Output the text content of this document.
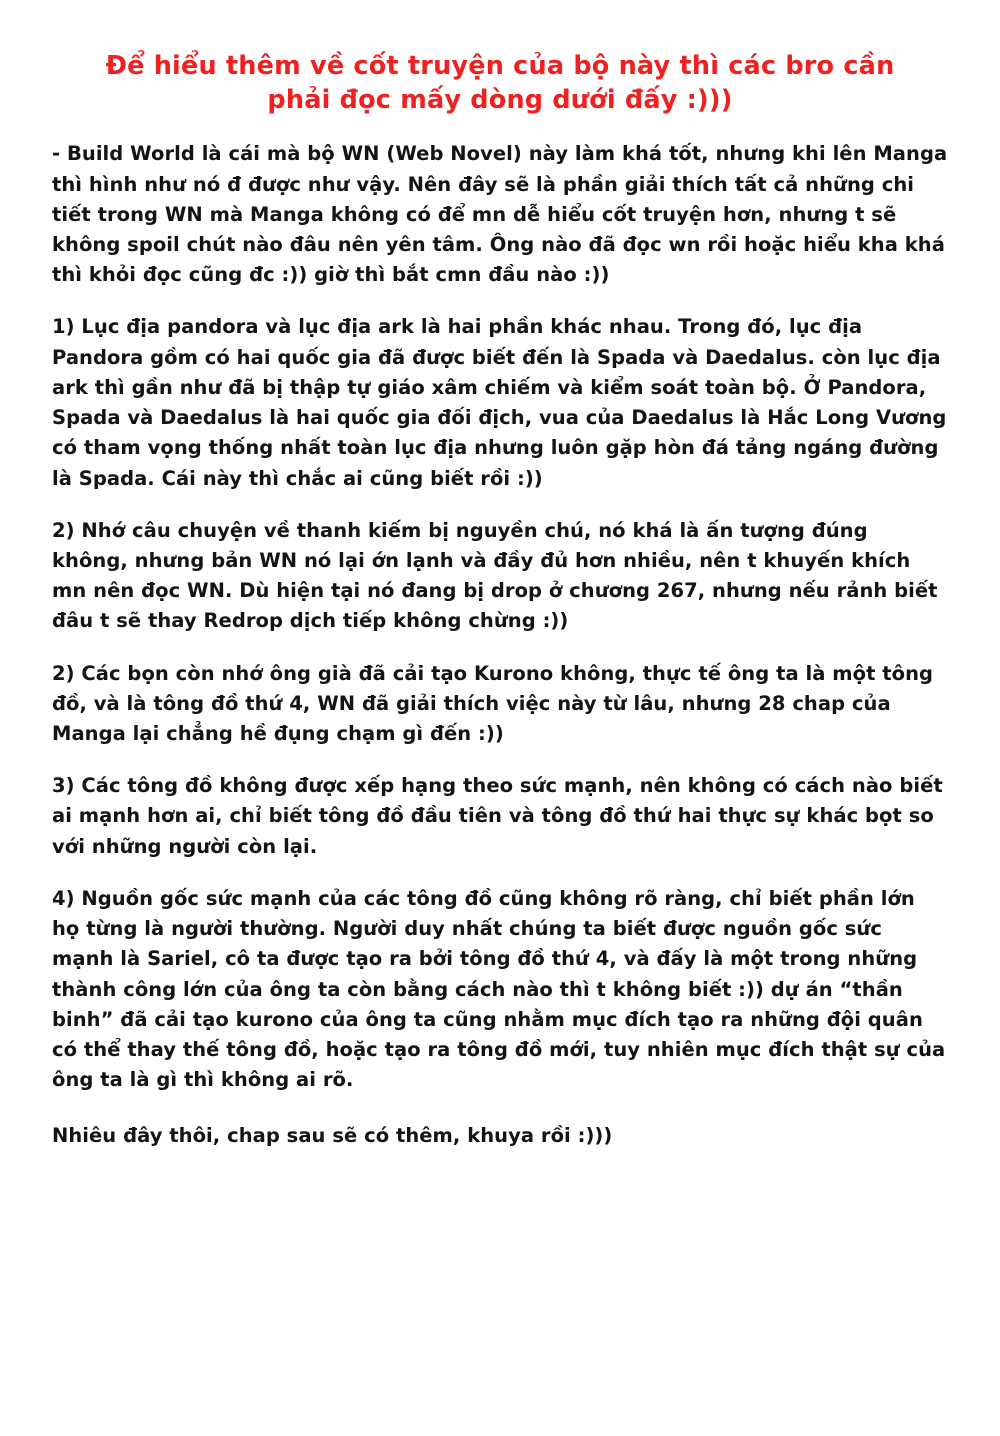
Để hiểu thêm về cốt truyện của bộ này thì các bro cần phải đọc mấy dòng dưới đấy :)))

- Build World là cái mà bộ WN (Web Novel) này làm khá tốt, nhưng khi lên Manga thì hình như nó đ được như vậy. Nên đây sẽ là phần giải thích tất cả những chi tiết trong WN mà Manga không có để mn dễ hiểu cốt truyện hơn, nhưng t sẽ không spoil chút nào đâu nên yên tâm. Ông nào đã đọc wn rồi hoặc hiểu kha khá thì khỏi đọc cũng đc :)) giờ thì bắt cmn đầu nào :))

1) Lục địa pandora và lục địa ark là hai phần khác nhau. Trong đó, lục địa Pandora gồm có hai quốc gia đã được biết đến là Spada và Daedalus. còn lục địa ark thì gần như đã bị thập tự giáo xâm chiếm và kiểm soát toàn bộ. Ở Pandora, Spada và Daedalus là hai quốc gia đối địch, vua của Daedalus là Hắc Long Vương có tham vọng thống nhất toàn lục địa nhưng luôn gặp hòn đá tảng ngáng đường là Spada. Cái này thì chắc ai cũng biết rồi :))

2) Nhớ câu chuyện về thanh kiếm bị nguyền chú, nó khá là ấn tượng đúng không, nhưng bản WN nó lại ớn lạnh và đầy đủ hơn nhiều, nên t khuyến khích mn nên đọc WN. Dù hiện tại nó đang bị drop ở chương 267, nhưng nếu rảnh biết đâu t sẽ thay Redrop dịch tiếp không chừng :))

2) Các bọn còn nhớ ông già đã cải tạo Kurono không, thực tế ông ta là một tông đồ, và là tông đồ thứ 4, WN đã giải thích việc này từ lâu, nhưng 28 chap của Manga lại chẳng hề đụng chạm gì đến :))

3) Các tông đồ không được xếp hạng theo sức mạnh, nên không có cách nào biết ai mạnh hơn ai, chỉ biết tông đồ đầu tiên và tông đồ thứ hai thực sự khác bọt so với những người còn lại.

4) Nguồn gốc sức mạnh của các tông đồ cũng không rõ ràng, chỉ biết phần lớn họ từng là người thường. Người duy nhất chúng ta biết được nguồn gốc sức mạnh là Sariel, cô ta được tạo ra bởi tông đồ thứ 4, và đấy là một trong những thành công lớn của ông ta còn bằng cách nào thì t không biết :)) dự án “thần binh” đã cải tạo kurono của ông ta cũng nhằm mục đích tạo ra những đội quân có thể thay thế tông đồ, hoặc tạo ra tông đồ mới, tuy nhiên mục đích thật sự của ông ta là gì thì không ai rõ.

Nhiêu đây thôi, chap sau sẽ có thêm, khuya rồi :)))
